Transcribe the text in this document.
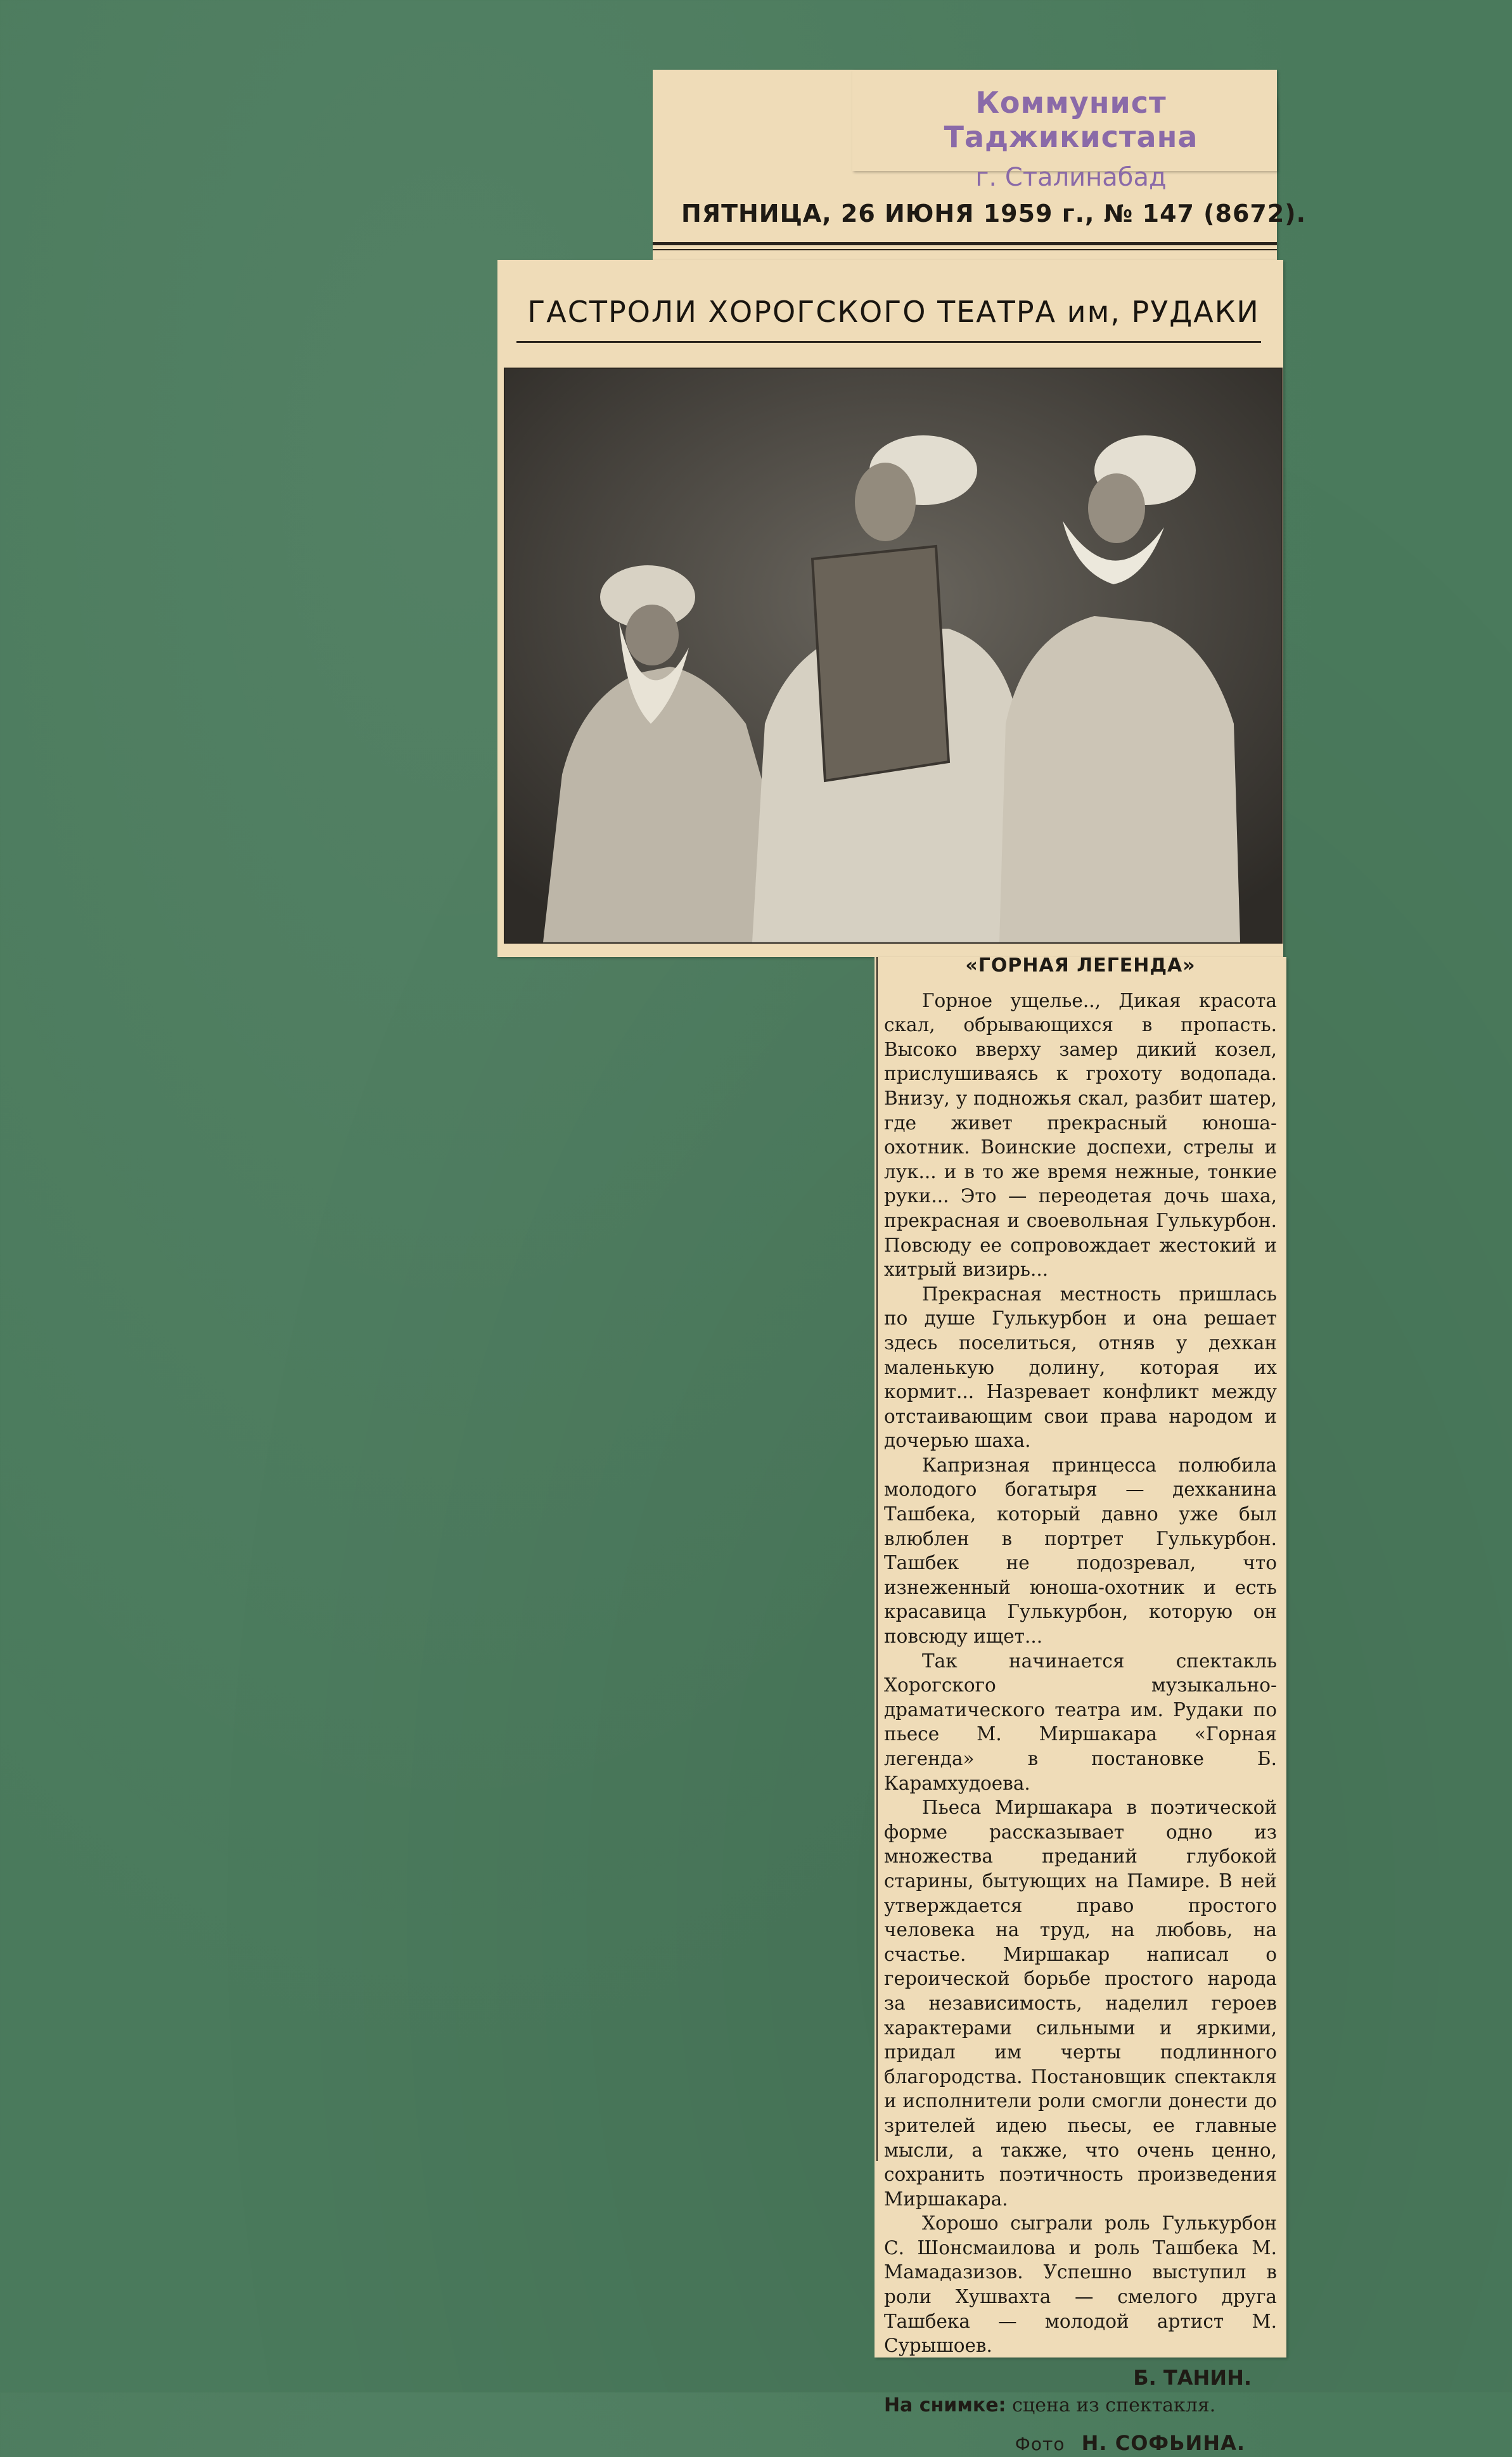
Коммунист Таджикистана
г. Сталинабад
ПЯТНИЦА, 26 ИЮНЯ 1959 г., № 147 (8672).
ГАСТРОЛИ ХОРОГСКОГО ТЕАТРА им, РУДАКИ
«ГОРНАЯ ЛЕГЕНДА»

Горное ущелье.., Дикая красота скал, обрывающихся в пропасть. Высоко вверху замер дикий козел, прислушиваясь к грохоту водопада. Внизу, у подножья скал, разбит шатер, где живет прекрасный юноша-охотник. Воинские доспехи, стрелы и лук... и в то же время нежные, тонкие руки... Это — переодетая дочь шаха, прекрасная и своевольная Гулькурбон. Повсюду ее сопровождает жестокий и хитрый визирь...

Прекрасная местность пришлась по душе Гулькурбон и она решает здесь поселиться, отняв у дехкан маленькую долину, которая их кормит... Назревает конфликт между отстаивающим свои права народом и дочерью шаха.

Капризная принцесса полюбила молодого богатыря — дехканина Ташбека, который давно уже был влюблен в портрет Гулькурбон. Ташбек не подозревал, что изнеженный юноша-охотник и есть красавица Гулькурбон, которую он повсюду ищет...

Так начинается спектакль Хорогского музыкально-драматического театра им. Рудаки по пьесе М. Миршакара «Горная легенда» в постановке Б. Карамхудоева.

Пьеса Миршакара в поэтической форме рассказывает одно из множества преданий глубокой старины, бытующих на Памире. В ней утверждается право простого человека на труд, на любовь, на счастье. Миршакар написал о героической борьбе простого народа за независимость, наделил героев характерами сильными и яркими, придал им черты подлинного благородства. Постановщик спектакля и исполнители роли смогли донести до зрителей идею пьесы, ее главные мысли, а также, что очень ценно, сохранить поэтичность произведения Миршакара.

Хорошо сыграли роль Гулькурбон С. Шонсмаилова и роль Ташбека М. Мамадазизов. Успешно выступил в роли Хушвахта — смелого друга Ташбека — молодой артист М. Сурышоев.

Б. ТАНИН.
На снимке: сцена из спектакля.
Фото Н. СОФЬИНА.
